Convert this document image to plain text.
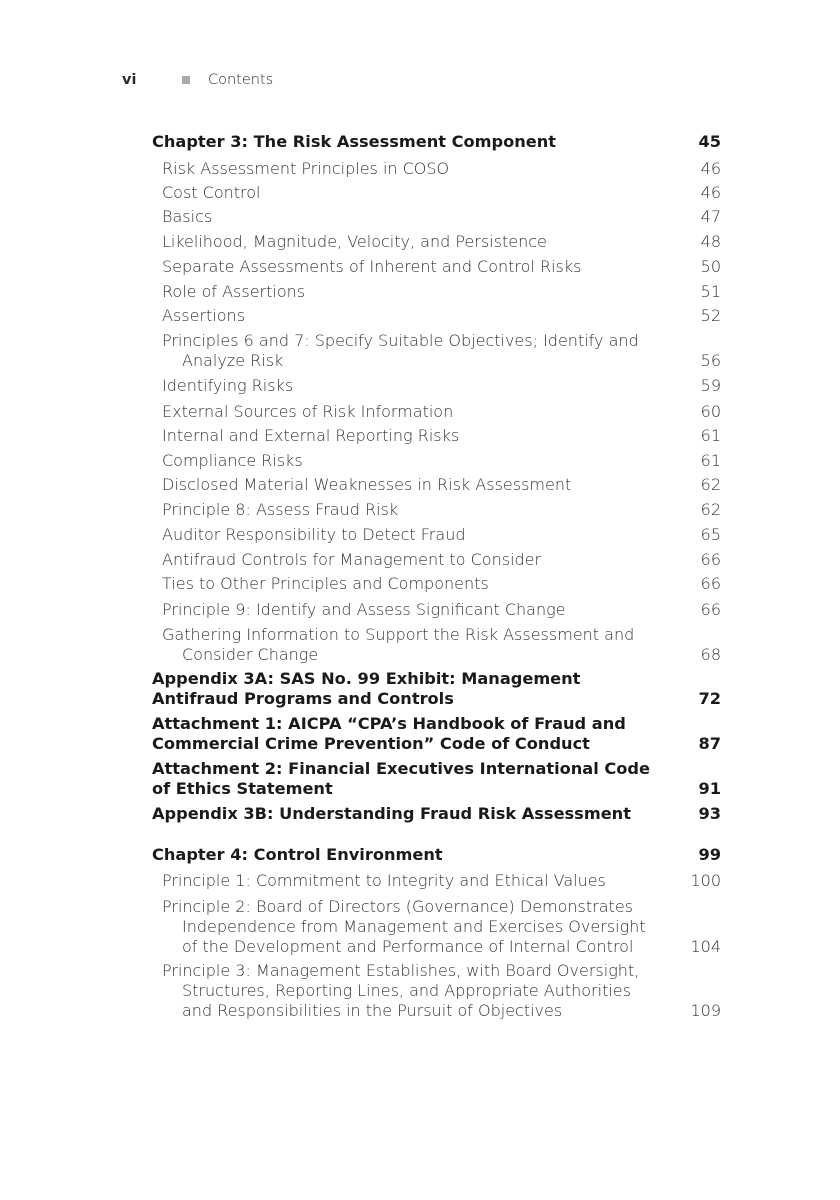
vi	Contents
Chapter 3: The Risk Assessment Component	45
Risk Assessment Principles in COSO	46
Cost Control	46
Basics	47
Likelihood, Magnitude, Velocity, and Persistence	48
Separate Assessments of Inherent and Control Risks	50
Role of Assertions	51
Assertions	52
Principles 6 and 7: Specify Suitable Objectives; Identify and Analyze Risk	56
Identifying Risks	59
External Sources of Risk Information	60
Internal and External Reporting Risks	61
Compliance Risks	61
Disclosed Material Weaknesses in Risk Assessment	62
Principle 8: Assess Fraud Risk	62
Auditor Responsibility to Detect Fraud	65
Antifraud Controls for Management to Consider	66
Ties to Other Principles and Components	66
Principle 9: Identify and Assess Significant Change	66
Gathering Information to Support the Risk Assessment and Consider Change	68
Appendix 3A: SAS No. 99 Exhibit: Management Antifraud Programs and Controls	72
Attachment 1: AICPA “CPA’s Handbook of Fraud and Commercial Crime Prevention” Code of Conduct	87
Attachment 2: Financial Executives International Code of Ethics Statement	91
Appendix 3B: Understanding Fraud Risk Assessment	93
Chapter 4: Control Environment	99
Principle 1: Commitment to Integrity and Ethical Values	100
Principle 2: Board of Directors (Governance) Demonstrates Independence from Management and Exercises Oversight of the Development and Performance of Internal Control	104
Principle 3: Management Establishes, with Board Oversight, Structures, Reporting Lines, and Appropriate Authorities and Responsibilities in the Pursuit of Objectives	109
